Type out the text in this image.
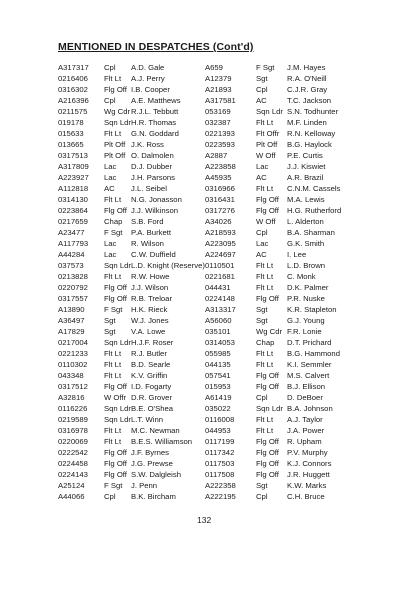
MENTIONED IN DESPATCHES (Cont'd)
A317317 Cpl A.D. Gale	A659	F Sgt J.M. Hayes
0216406 Flt Lt A.J. Perry	A12379	Sgt	R.A. O'Neill
0316302 Flg Off I.B. Cooper	A21893	Cpl	C.J.R. Gray
A216396 Cpl A.E. Matthews	A317581	AC	T.C. Jackson
0211575 Wg Cdr R.J.L. Tebbutt	053169	Sqn Ldr S.N. Todhunter
019178	Sqn Ldr H.R. Thomas	032387	Flt Lt M.F. Linden
015633	Flt Lt G.N. Goddard	0221393	Flt Offr R.N. Kelloway
013665	Plt Off J.K. Ross	0223593	Plt Off B.G. Haylock
0317513 Plt Off O. Dalmolen	A2887	W Off P.E. Curtis
A317809 Lac D.J. Dubber	A223858	Lac J.J. Kiswiet
A223927 Lac J.H. Parsons	A45935	AC	A.R. Brazil
A112818 AC J.L. Seibel	0316966	Flt Lt C.N.M. Cassels
0314130 Flt Lt N.G. Jonasson	0316431	Flg Off M.A. Lewis
0223864 Flg Off J.J. Wilkinson	0317276	Flg Off H.G. Rutherford
0217659 Chap S.B. Ford	A34026	W Off L. Alderton
A23477	F Sgt P.A. Burkett	A218593	Cpl	B.A. Sharman
A117793 Lac R. Wilson	A223095	Lac G.K. Smith
A44284	Lac C.W. Duffield	A224697	AC	I. Lee
037573	Sqn Ldr L.D. Knight (Reserve) 0110501	Flt Lt L.D. Brown
0213828 Flt Lt R.W. Howe	0221681	Flt Lt C. Monk
0220792 Flg Off J.J. Wilson	044431	Flt Lt D.K. Palmer
0317557 Flg Off R.B. Treloar	0224148	Flg Off P.R. Nuske
A13890	F Sgt H.K. Rieck	A313317	Sgt	K.R. Stapleton
A36497	Sgt W.J. Jones	A56060	Sgt	G.J. Young
A17829	Sgt V.A. Lowe	035101	Wg Cdr F.R. Lonie
0217004 Sqn Ldr H.J.F. Roser	0314053	Chap D.T. Prichard
0221233 Flt Lt R.J. Butler	055985	Flt Lt B.G. Hammond
0110302 Flt Lt B.D. Searle	044135	Flt Lt K.I. Semmler
043348	Flt Lt K.V. Griffin	057541	Flg Off M.S. Calvert
0317512 Flg Off I.D. Fogarty	015953	Flg Off B.J. Ellison
A32816	W Offr D.R. Grover	A61419	Cpl	D. DeBoer
0116226 Sqn Ldr B.E. O'Shea	035022	Sqn Ldr B.A. Johnson
0219589 Sqn Ldr L.T. Winn	0116008	Flt Lt A.J. Taylor
0316978 Flt Lt M.C. Newman	044953	Flt Lt J.A. Power
0220069 Flt Lt B.E.S. Williamson 0117199	Flg Off R. Upham
0222542 Flg Off J.F. Byrnes	0117342	Flg Off P.V. Murphy
0224458 Flg Off J.G. Prewse	0117503	Flg Off K.J. Connors
0224143 Flg Off S.W. Dalgleish	0117508	Flg Off J.R. Huggett
A25124	F Sgt J. Penn	A222358	Sgt	K.W. Marks
A44066	Cpl B.K. Bircham	A222195	Cpl	C.H. Bruce
132
